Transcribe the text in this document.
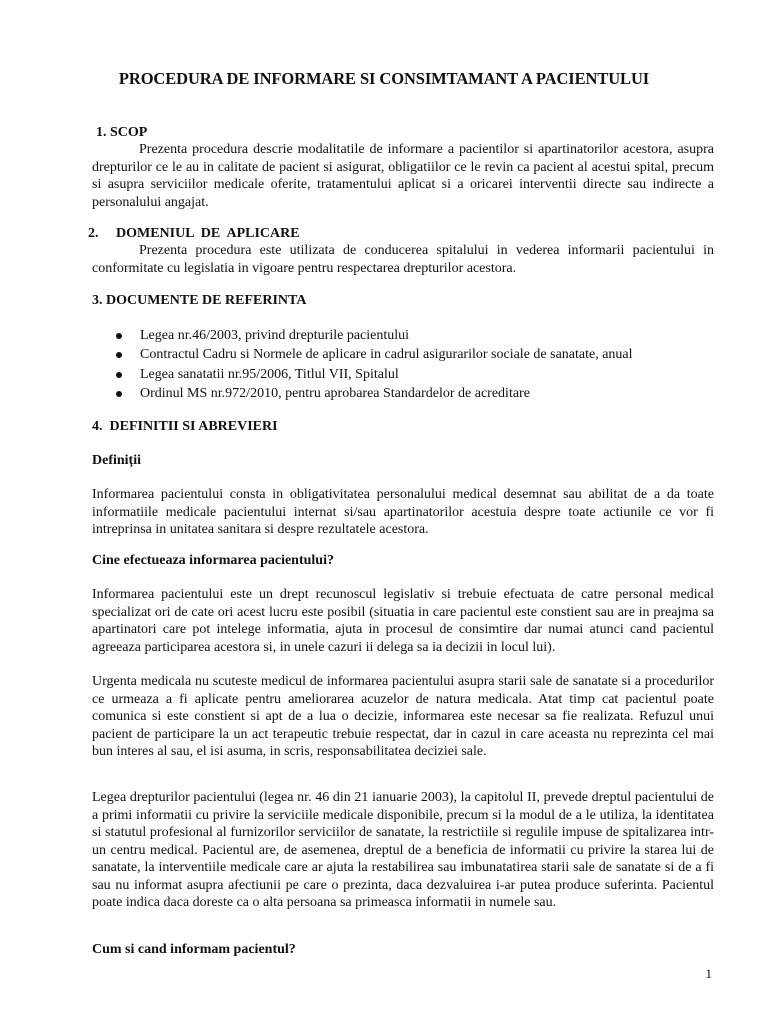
PROCEDURA DE INFORMARE SI CONSIMTAMANT A PACIENTULUI
1. SCOP

Prezenta procedura descrie modalitatile de informare a pacientilor si apartinatorilor acestora, asupra drepturilor ce le au in calitate de pacient si asigurat, obligatiilor ce le revin ca pacient al acestui spital, precum si asupra serviciilor medicale oferite, tratamentului aplicat si a oricarei interventii directe sau indirecte a personalului angajat.

2.     DOMENIUL  DE  APLICARE

Prezenta procedura este utilizata de conducerea spitalului in vederea informarii pacientului in conformitate cu legislatia in vigoare pentru respectarea drepturilor acestora.

3. DOCUMENTE DE REFERINTA
Legea nr.46/2003, privind drepturile pacientului
Contractul Cadru si Normele de aplicare in cadrul asigurarilor sociale de sanatate, anual
Legea sanatatii nr.95/2006, Titlul VII, Spitalul
Ordinul MS nr.972/2010, pentru aprobarea Standardelor de acreditare
4.  DEFINITII SI ABREVIERI
Definiții

Informarea pacientului consta in obligativitatea personalului medical desemnat sau abilitat de a da toate informatiile medicale pacientului internat si/sau apartinatorilor acestuia despre toate actiunile ce vor fi intreprinsa in unitatea sanitara si despre rezultatele acestora.

Cine efectueaza informarea pacientului?

Informarea pacientului este un drept recunoscul legislativ si trebuie efectuata de catre personal medical specializat ori de cate ori acest lucru este posibil (situatia in care pacientul este constient sau are in preajma sa apartinatori care pot intelege informatia, ajuta in procesul de consimtire dar numai atunci cand pacientul agreeaza participarea acestora si, in unele cazuri ii delega sa ia decizii in locul lui).

Urgenta medicala nu scuteste medicul de informarea pacientului asupra starii sale de sanatate si a procedurilor ce urmeaza a fi aplicate pentru ameliorarea acuzelor de natura medicala. Atat timp cat pacientul poate comunica si este constient si apt de a lua o decizie, informarea este necesar sa fie realizata. Refuzul unui pacient de participare la un act terapeutic trebuie respectat, dar in cazul in care aceasta nu reprezinta cel mai bun interes al sau, el isi asuma, in scris, responsabilitatea deciziei sale.

Legea drepturilor pacientului (legea nr. 46 din 21 ianuarie 2003), la capitolul II, prevede dreptul pacientului de a primi informatii cu privire la serviciile medicale disponibile, precum si la modul de a le utiliza, la identitatea si statutul profesional al furnizorilor serviciilor de sanatate, la restrictiile si regulile impuse de spitalizarea intr-un centru medical. Pacientul are, de asemenea, dreptul de a beneficia de informatii cu privire la starea lui de sanatate, la interventiile medicale care ar ajuta la restabilirea sau imbunatatirea starii sale de sanatate si de a fi sau nu informat asupra afectiunii pe care o prezinta, daca dezvaluirea i-ar putea produce suferinta. Pacientul poate indica daca doreste ca o alta persoana sa primeasca informatii in numele sau.

Cum si cand informam pacientul?
1
